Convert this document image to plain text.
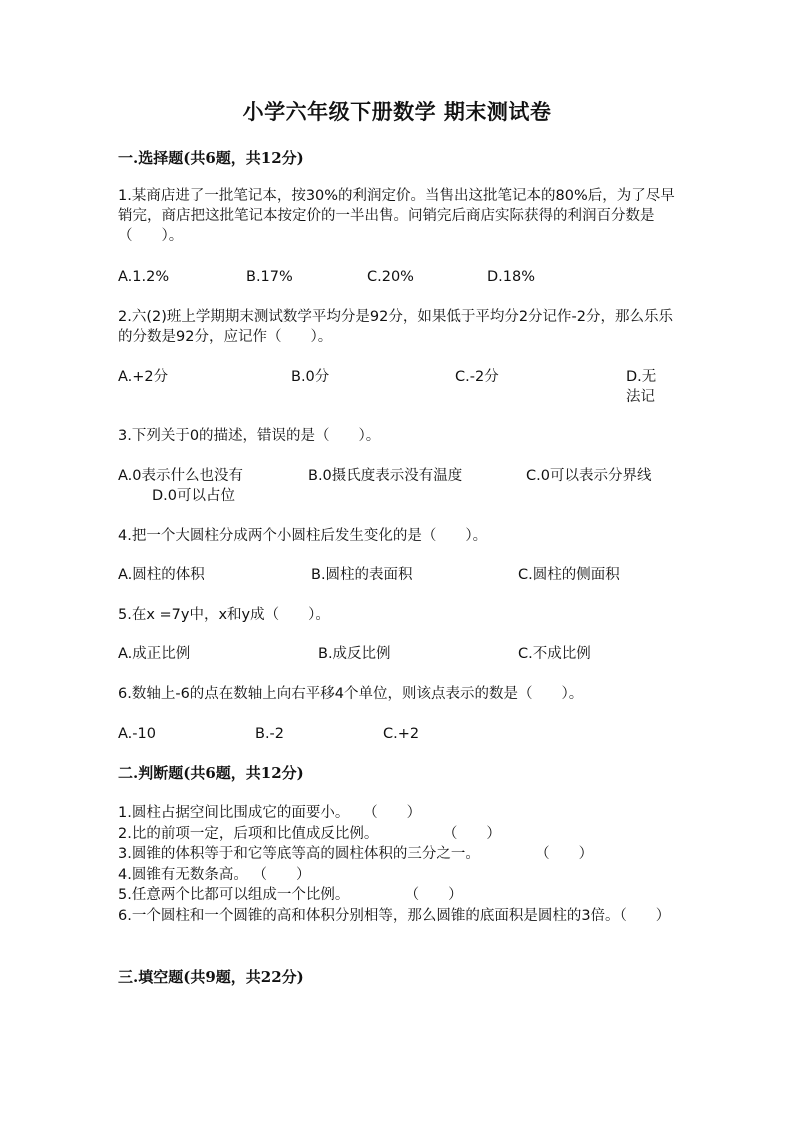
小学六年级下册数学 期末测试卷
一.选择题(共6题，共12分)
1.某商店进了一批笔记本，按30%的利润定价。当售出这批笔记本的80%后，为了尽早销完，商店把这批笔记本按定价的一半出售。问销完后商店实际获得的利润百分数是（　　）。
A.1.2%	B.17%	C.20%	D.18%
2.六(2)班上学期期末测试数学平均分是92分，如果低于平均分2分记作-2分，那么乐乐的分数是92分，应记作（　　）。
A.+2分	B.0分	C.-2分	D.无法记
3.下列关于0的描述，错误的是（　　）。
A.0表示什么也没有	B.0摄氏度表示没有温度	C.0可以表示分界线
D.0可以占位
4.把一个大圆柱分成两个小圆柱后发生变化的是（　　）。
A.圆柱的体积	B.圆柱的表面积	C.圆柱的侧面积
5.在x =7y中，x和y成（　　）。
A.成正比例	B.成反比例	C.不成比例
6.数轴上-6的点在数轴上向右平移4个单位，则该点表示的数是（　　）。
A.-10	B.-2	C.+2
二.判断题(共6题，共12分)
1.圆柱占据空间比围成它的面要小。 （　　）
2.比的前项一定，后项和比值成反比例。	（　　）
3.圆锥的体积等于和它等底等高的圆柱体积的三分之一。	（　　）
4.圆锥有无数条高。 （　　）
5.任意两个比都可以组成一个比例。	（　　）
6.一个圆柱和一个圆锥的高和体积分别相等，那么圆锥的底面积是圆柱的3倍。（　　）
三.填空题(共9题，共22分)
